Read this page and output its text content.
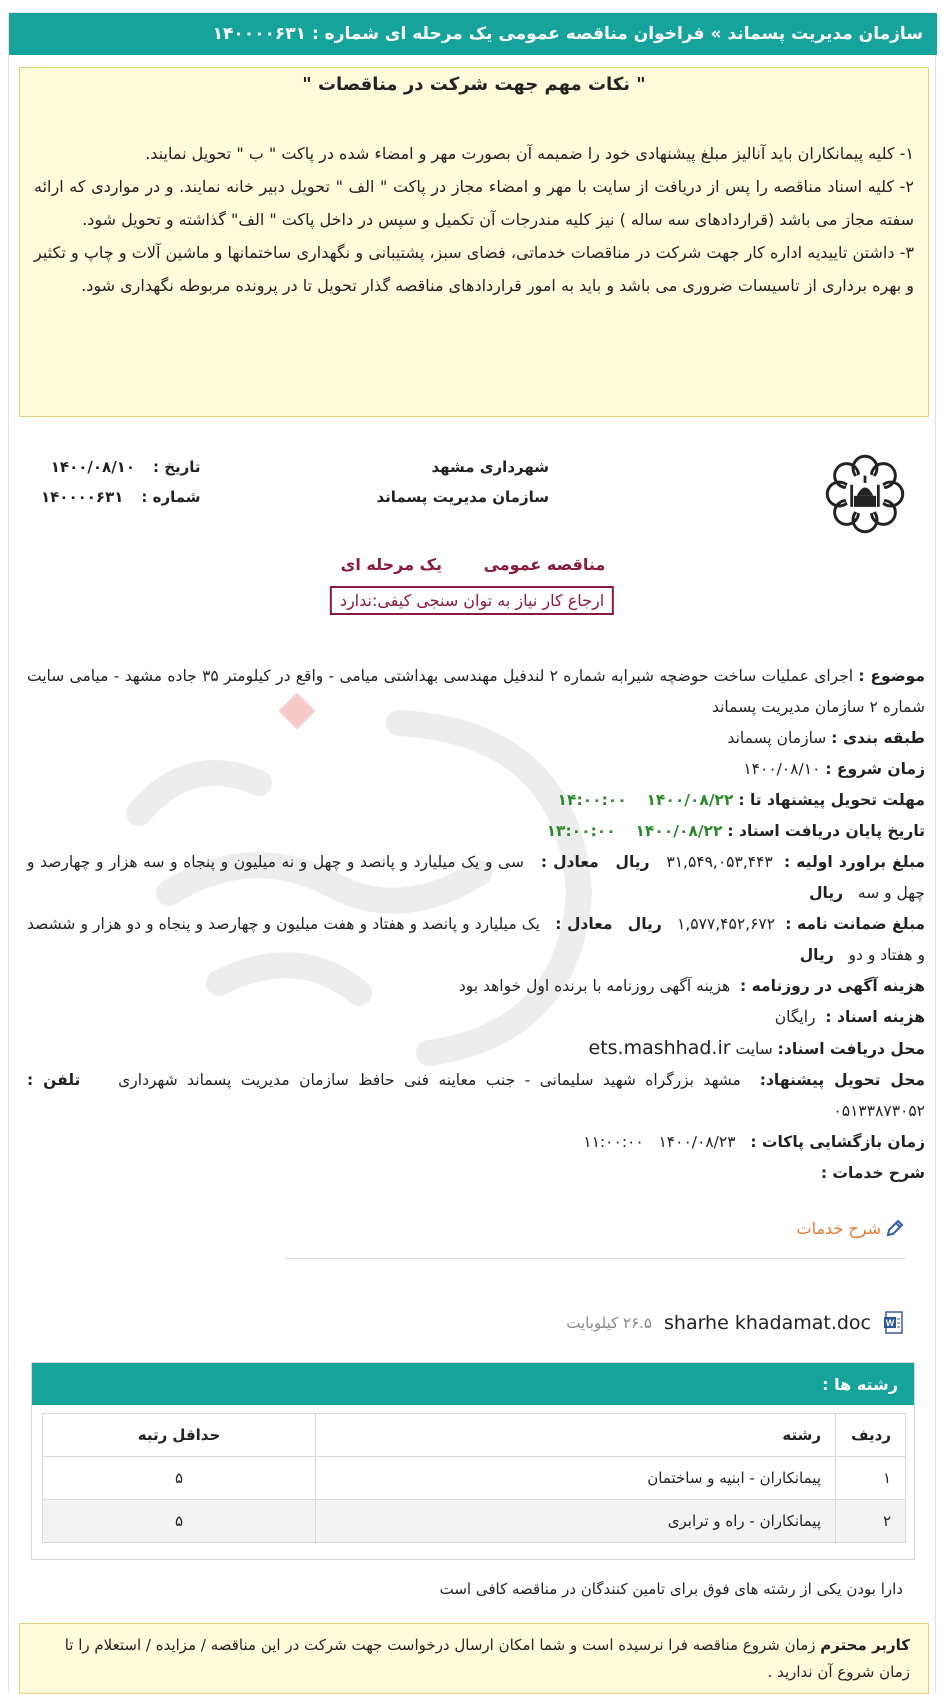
سازمان مدیریت پسماند
»
فراخوان مناقصه عمومی یک مرحله ای شماره : ۱۴۰۰۰۰۶۳۱
" نکات مهم جهت شرکت در مناقصات "

۱- کلیه پیمانکاران باید آنالیز مبلغ پیشنهادی خود را ضمیمه آن بصورت مهر و امضاء شده در پاکت " ب " تحویل نمایند.

۲- کلیه اسناد مناقصه را پس از دریافت از سایت با مهر و امضاء مجاز در پاکت " الف " تحویل دبیر خانه نمایند. و در مواردی که ارائه سفته مجاز می باشد (قراردادهای سه ساله ) نیز کلیه مندرجات آن تکمیل و سپس در داخل پاکت " الف" گذاشته و تحویل شود.

۳- داشتن تاییدیه اداره کار جهت شرکت در مناقصات خدماتی، فضای سبز، پشتیبانی و نگهداری ساختمانها و ماشین آلات و چاپ و تکثیر و بهره برداری از تاسیسات ضروری می باشد و باید به امور قراردادهای مناقصه گذار تحویل تا در پرونده مربوطه نگهداری شود.

شهرداری مشهد
سازمان مدیریت پسماند
تاریخ :
۱۴۰۰/۰۸/۱۰
شماره :
۱۴۰۰۰۰۶۳۱
مناقصه عمومی یک مرحله ای
ارجاع کار نیاز به توان سنجی کیفی:ندارد

موضوع : اجرای عملیات ساخت حوضچه شیرابه شماره ۲ لندفیل مهندسی بهداشتی میامی - واقع در کیلومتر ۳۵ جاده مشهد - میامی سایت شماره ۲ سازمان مدیریت پسماند

طبقه بندی : سازمان پسماند

زمان شروع : ۱۴۰۰/۰۸/۱۰

مهلت تحویل پیشنهاد تا : ۱۴۰۰/۰۸/۲۲    ۱۴:۰۰:۰۰

تاریخ پایان دریافت اسناد : ۱۴۰۰/۰۸/۲۲    ۱۳:۰۰:۰۰

مبلغ براورد اولیه :  ۳۱,۵۴۹,۰۵۳,۴۴۳   ریال   معادل :   سی و یک میلیارد و پانصد و چهل و نه میلیون و پنجاه و سه هزار و چهارصد و چهل و سه   ریال

مبلغ ضمانت نامه :  ۱,۵۷۷,۴۵۲,۶۷۲   ریال   معادل :   یک میلیارد و پانصد و هفتاد و هفت میلیون و چهارصد و پنجاه و دو هزار و ششصد و هفتاد و دو   ریال

هزینه آگهی در روزنامه :  هزینه آگهی روزنامه با برنده اول خواهد بود

هزینه اسناد :  رایگان

محل دریافت اسناد: سایت ets.mashhad.ir

محل تحویل پیشنهاد:  مشهد بزرگراه شهید سلیمانی - جنب معاینه فنی حافظ سازمان مدیریت پسماند شهرداری    تلفن : ۰۵۱۳۳۸۷۳۰۵۲

زمان بازگشایی پاکات :   ۱۴۰۰/۰۸/۲۳   ۱۱:۰۰:۰۰

شرح خدمات :

شرح خدمات
W
sharhe khadamat.doc
۲۶.۵ کیلوبایت
رشته ها :
ردیف	رشته	حداقل رتبه
۱	پیمانکاران - ابنیه و ساختمان	۵
۲	پیمانکاران - راه و ترابری	۵
دارا بودن یکی از رشته های فوق برای تامین کنندگان در مناقصه کافی است
کاربر محترم زمان شروع مناقصه فرا نرسیده است و شما امکان ارسال درخواست جهت شرکت در این مناقصه / مزایده / استعلام را تا زمان شروع آن ندارید .
